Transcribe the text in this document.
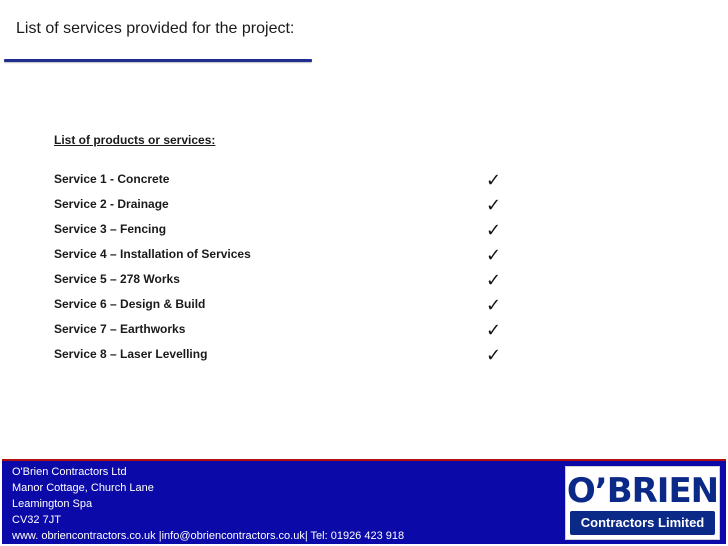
List of services provided for the project:
List of products or services:
Service 1 - Concrete	✓
Service 2 - Drainage	✓
Service 3 – Fencing	✓
Service 4 – Installation of Services	✓
Service 5 – 278 Works	✓
Service 6 – Design & Build	✓
Service 7 – Earthworks	✓
Service 8 – Laser Levelling	✓
O'Brien Contractors Ltd
Manor Cottage, Church Lane
Leamington Spa
CV32 7JT
www. obriencontractors.co.uk |info@obriencontractors.co.uk| Tel: 01926 423 918
O’BRIEN
Contractors Limited
